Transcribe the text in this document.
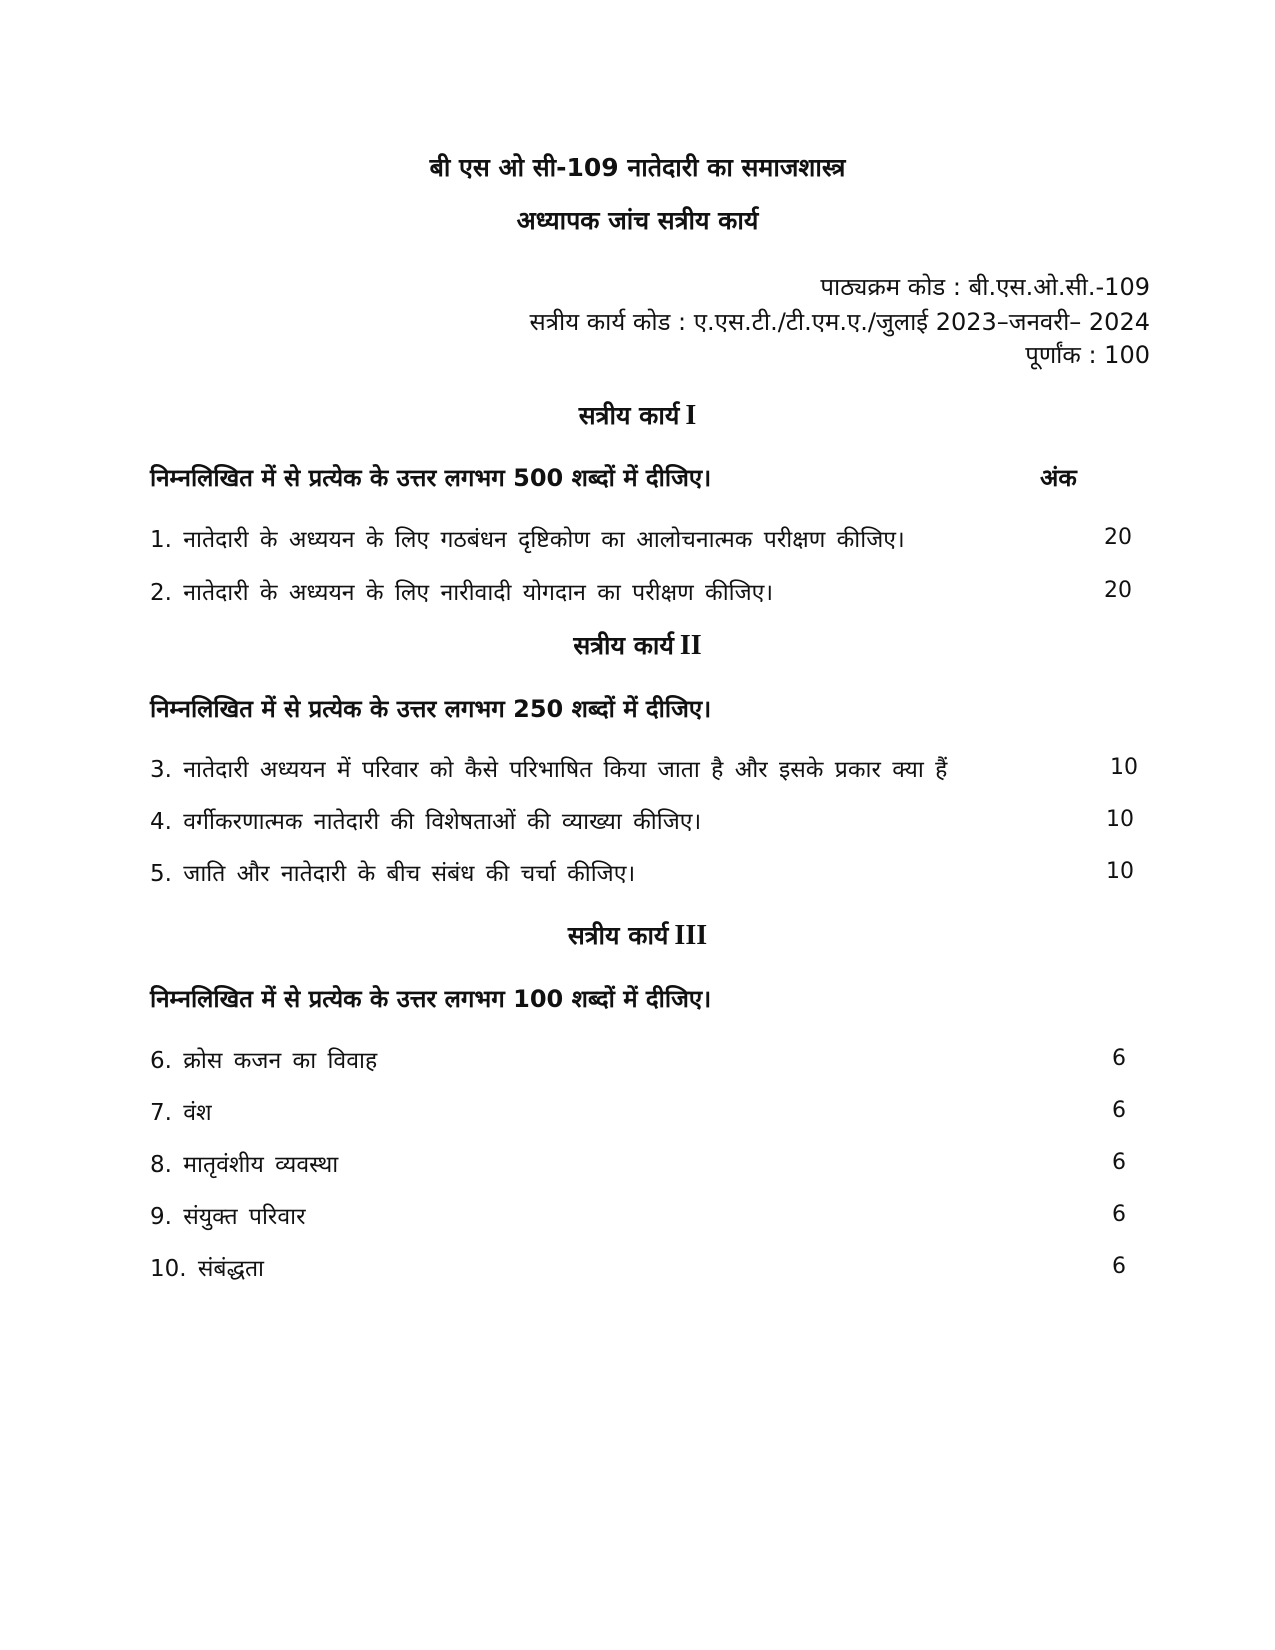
बी एस ओ सी-109 नातेदारी का समाजशास्त्र
अध्यापक जांच सत्रीय कार्य
पाठ्यक्रम कोड : बी.एस.ओ.सी.-109
सत्रीय कार्य कोड : ए.एस.टी./टी.एम.ए./जुलाई 2023–जनवरी– 2024
पूर्णांक : 100
सत्रीय कार्य I
निम्नलिखित में से प्रत्येक के उत्तर लगभग 500 शब्दों में दीजिए।	अंक
1. नातेदारी के अध्ययन के लिए गठबंधन दृष्टिकोण का आलोचनात्मक परीक्षण कीजिए।	20
2. नातेदारी के अध्ययन के लिए नारीवादी योगदान का परीक्षण कीजिए।	20
सत्रीय कार्य II
निम्नलिखित में से प्रत्येक के उत्तर लगभग 250 शब्दों में दीजिए।
3. नातेदारी अध्ययन में परिवार को कैसे परिभाषित किया जाता है और इसके प्रकार क्या हैं	10
4. वर्गीकरणात्मक नातेदारी की विशेषताओं की व्याख्या कीजिए।	10
5. जाति और नातेदारी के बीच संबंध की चर्चा कीजिए।	10
सत्रीय कार्य III
निम्नलिखित में से प्रत्येक के उत्तर लगभग 100 शब्दों में दीजिए।
6. क्रोस कजन का विवाह	6
7. वंश	6
8. मातृवंशीय व्यवस्था	6
9. संयुक्त परिवार	6
10. संबंद्धता	6
